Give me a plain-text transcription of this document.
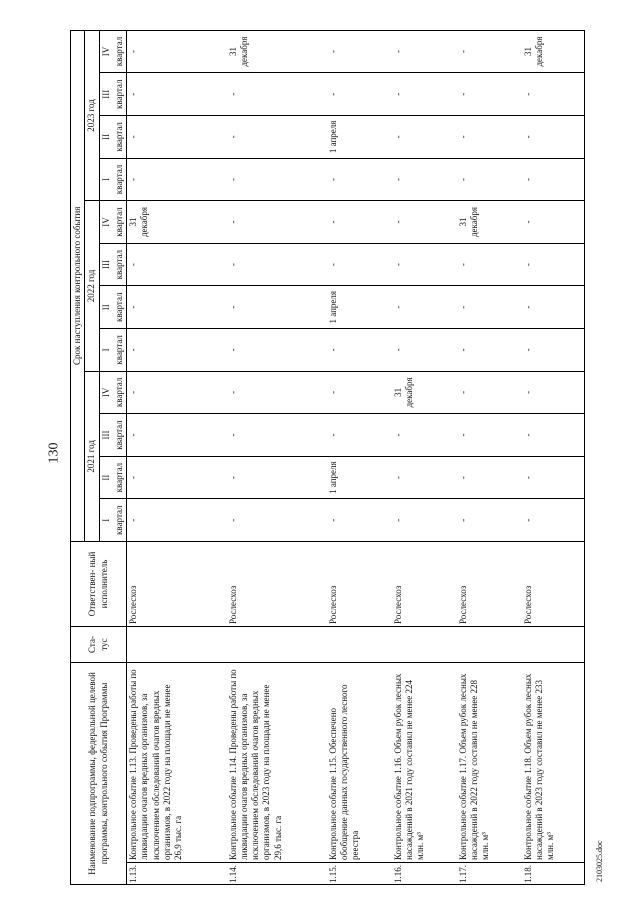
130
Наименование подпрограммы, федеральной целевой программы, контрольного события Программы		Ста- тус	Ответствен- ный исполнитель	Срок наступления контрольного события											
				2021 год				2022 год				2023 год			
				I	II	III	IV	I	II	III	IV	I	II	III	IV
				квартал	квартал	квартал	квартал	квартал	квартал	квартал	квартал	квартал	квартал	квартал	квартал
1.13.	Контрольное событие 1.13. Проведены работы по ликвидации очагов вредных организмов, за исключением обследований очагов вредных организмов, в 2022 году на площади не менее 26,9 тыс. га		Рослесхоз	-	-	-	-	-	-	-	31 декабря	-	-	-	-
1.14.	Контрольное событие 1.14. Проведены работы по ликвидации очагов вредных организмов, за исключением обследований очагов вредных организмов, в 2023 году на площади не менее 29,6 тыс. га		Рослесхоз	-	-	-	-	-	-	-	-	-	-	-	31 декабря
1.15.	Контрольное событие 1.15. Обеспечено обобщение данных государственного лесного реестра		Рослесхоз	-	1 апреля	-	-	-	1 апреля	-	-	-	1 апреля	-	-
1.16.	Контрольное событие 1.16. Объем рубок лесных насаждений в 2021 году составил не менее 224 млн. м³		Рослесхоз	-	-	-	31 декабря	-	-	-	-	-	-	-	-
1.17.	Контрольное событие 1.17. Объем рубок лесных насаждений в 2022 году составил не менее 228 млн. м³		Рослесхоз	-	-	-	-	-	-	-	31 декабря	-	-	-	-
1.18.	Контрольное событие 1.18. Объем рубок лесных насаждений в 2023 году составил не менее 233 млн. м³		Рослесхоз	-	-	-	-	-	-	-	-	-	-	-	31 декабря
2103025.doc
